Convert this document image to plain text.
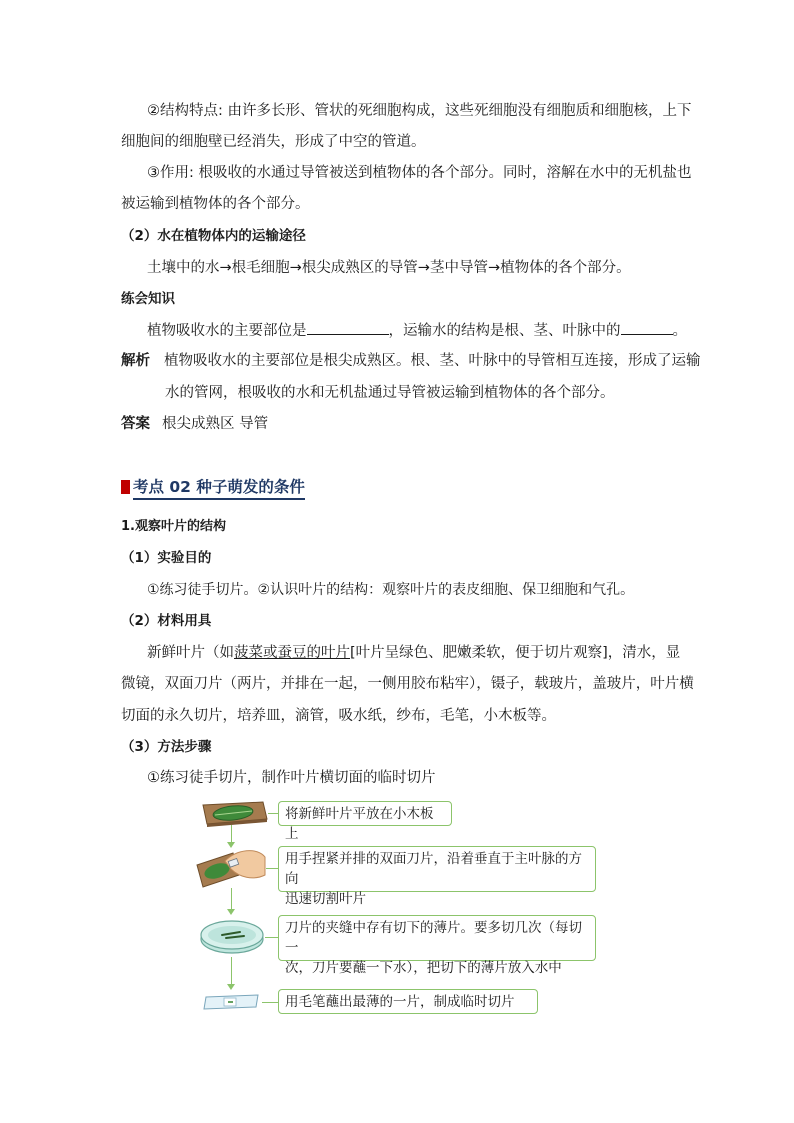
②结构特点: 由许多长形、管状的死细胞构成，这些死细胞没有细胞质和细胞核，上下
细胞间的细胞壁已经消失，形成了中空的管道。
③作用: 根吸收的水通过导管被送到植物体的各个部分。同时，溶解在水中的无机盐也
被运输到植物体的各个部分。
（2）水在植物体内的运输途径
土壤中的水→根毛细胞→根尖成熟区的导管→茎中导管→植物体的各个部分。
练会知识
植物吸收水的主要部位是	，运输水的结构是根、茎、叶脉中的	。
解析 植物吸收水的主要部位是根尖成熟区。根、茎、叶脉中的导管相互连接，形成了运输
水的管网，根吸收的水和无机盐通过导管被运输到植物体的各个部分。
答案 根尖成熟区 导管
考点 02 种子萌发的条件
1.观察叶片的结构
（1）实验目的
①练习徒手切片。②认识叶片的结构：观察叶片的表皮细胞、保卫细胞和气孔。
（2）材料用具
新鲜叶片（如菠菜或蚕豆的叶片[叶片呈绿色、肥嫩柔软，便于切片观察]，清水，显
微镜，双面刀片（两片，并排在一起，一侧用胶布粘牢），镊子，载玻片，盖玻片，叶片横
切面的永久切片，培养皿，滴管，吸水纸，纱布，毛笔，小木板等。
（3）方法步骤
①练习徒手切片，制作叶片横切面的临时切片
将新鲜叶片平放在小木板上
用手捏紧并排的双面刀片，沿着垂直于主叶脉的方向
迅速切割叶片
刀片的夹缝中存有切下的薄片。要多切几次（每切一
次，刀片要蘸一下水），把切下的薄片放入水中
用毛笔蘸出最薄的一片，制成临时切片
